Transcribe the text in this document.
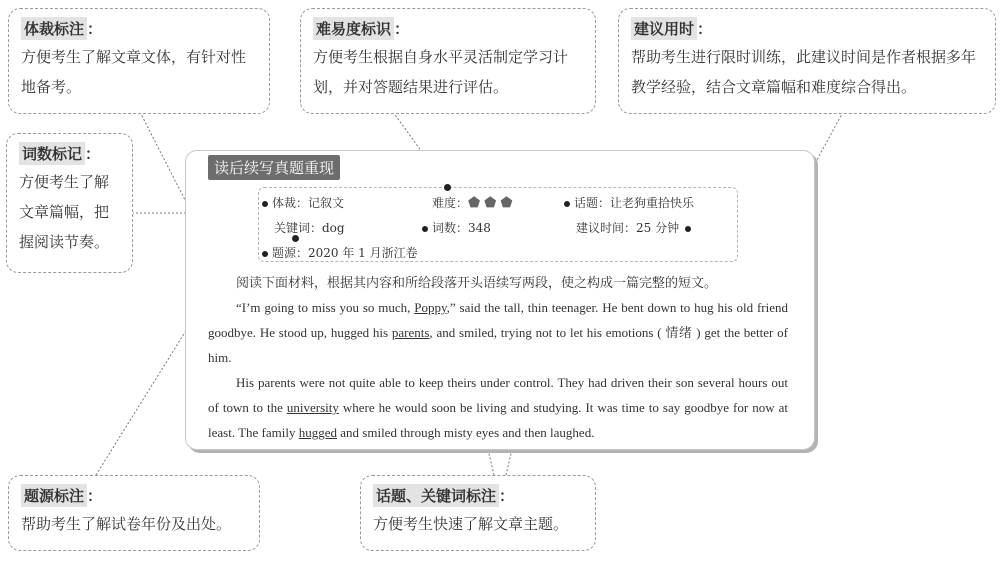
体裁标注 ：
方便考生了解文章文体，有针对性地备考。
难易度标识 ：
方便考生根据自身水平灵活制定学习计划，并对答题结果进行评估。
建议用时 ：
帮助考生进行限时训练，此建议时间是作者根据多年教学经验，结合文章篇幅和难度综合得出。
词数标记 ：
方便考生了解文章篇幅，把握阅读节奏。
题源标注 ：
帮助考生了解试卷年份及出处。
话题、关键词标注 ：
方便考生快速了解文章主题。
读后续写真题重现
体裁：记叙文	难度：⬟⬟⬟	话题：让老狗重拾快乐
关键词：dog	词数：348	建议时间：25 分钟
题源：2020 年 1 月浙江卷
阅读下面材料，根据其内容和所给段落开头语续写两段，使之构成一篇完整的短文。
“I’m going to miss you so much, Poppy,” said the tall, thin teenager. He bent down to hug his old friend goodbye. He stood up, hugged his parents, and smiled, trying not to let his emotions ( 情绪 ) get the better of him.
His parents were not quite able to keep theirs under control. They had driven their son several hours out of town to the university where he would soon be living and studying. It was time to say goodbye for now at least. The family hugged and smiled through misty eyes and then laughed.
